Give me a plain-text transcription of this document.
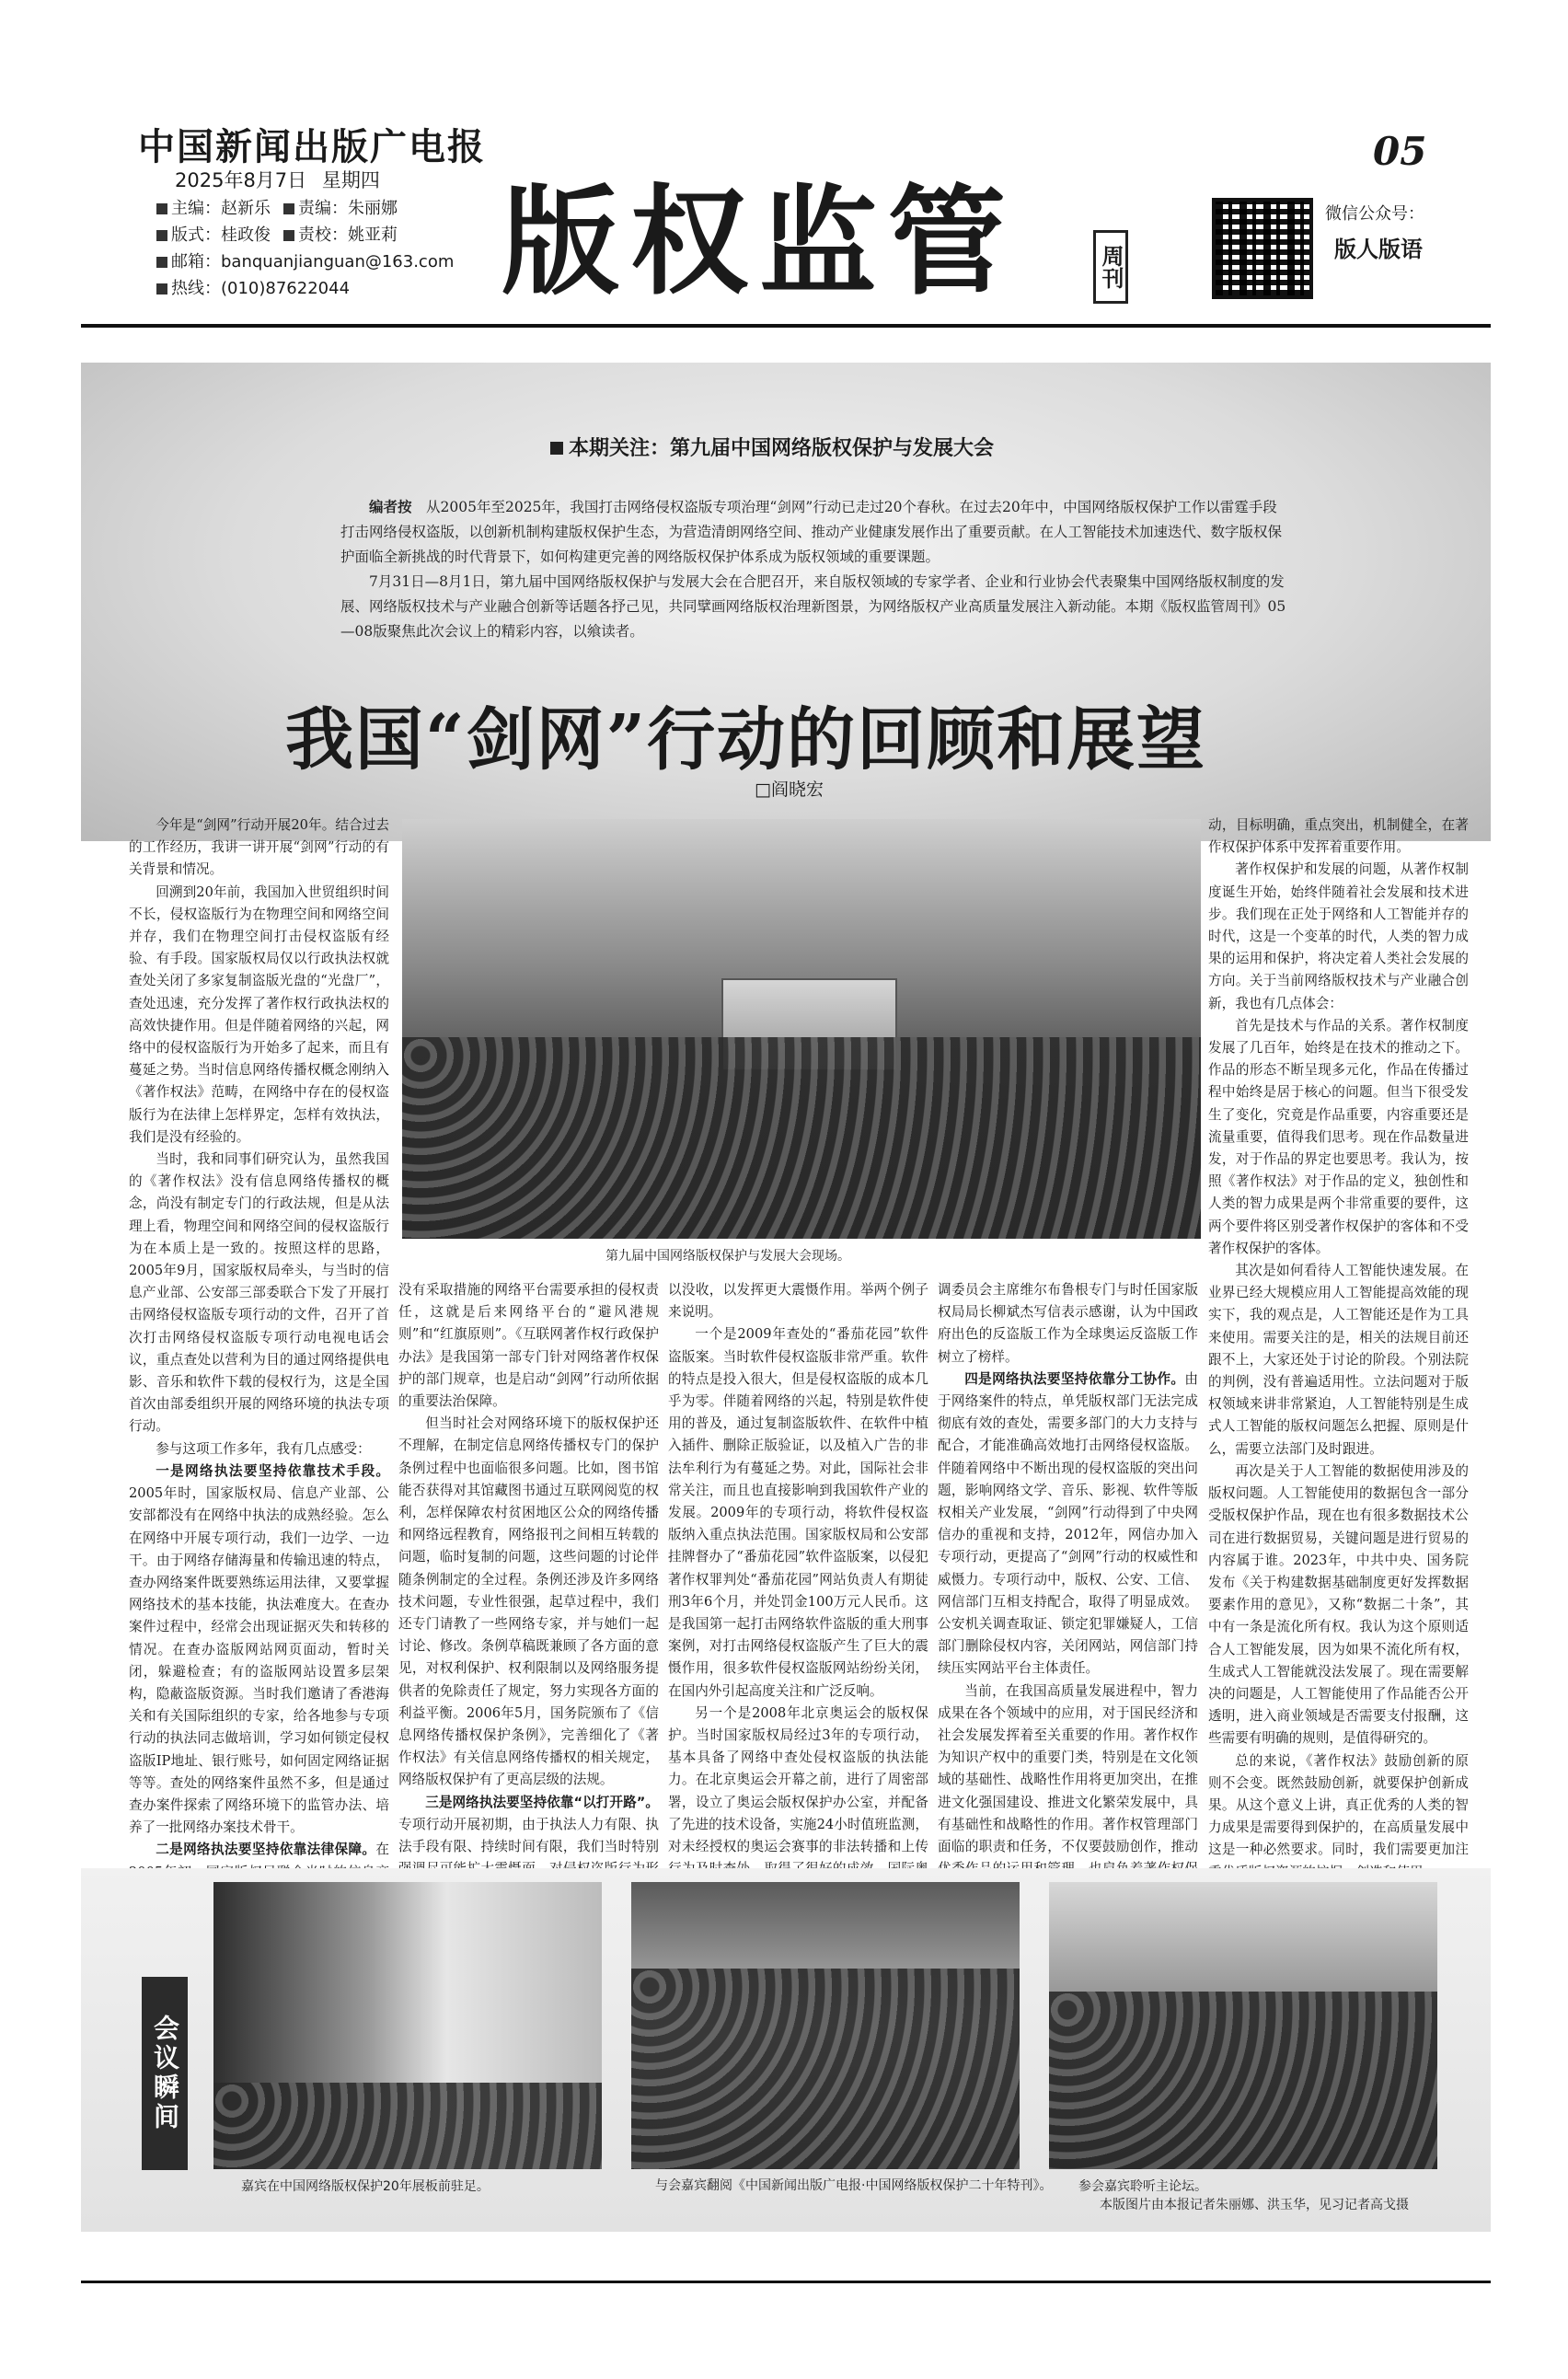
中国新闻出版广电报
2025年8月7日 星期四
主编：赵新乐 责编：朱丽娜
版式：桂政俊 责校：姚亚莉
邮箱：banquanjianguan@163.com
热线：(010)87622044	版权监管	周刊
05
微信公众号：
版人版语
本期关注：第九届中国网络版权保护与发展大会

编者按　 从2005年至2025年，我国打击网络侵权盗版专项治理“剑网”行动已走过20个春秋。在过去20年中，中国网络版权保护工作以雷霆手段打击网络侵权盗版，以创新机制构建版权保护生态，为营造清朗网络空间、推动产业健康发展作出了重要贡献。在人工智能技术加速迭代、数字版权保护面临全新挑战的时代背景下，如何构建更完善的网络版权保护体系成为版权领域的重要课题。

7月31日—8月1日，第九届中国网络版权保护与发展大会在合肥召开，来自版权领域的专家学者、企业和行业协会代表聚集中国网络版权制度的发展、网络版权技术与产业融合创新等话题各抒己见，共同擘画网络版权治理新图景，为网络版权产业高质量发展注入新动能。本期《版权监管周刊》05—08版聚焦此次会议上的精彩内容，以飨读者。

我国“剑网”行动的回顾和展望
□阎晓宏
第九届中国网络版权保护与发展大会现场。

今年是“剑网”行动开展20年。结合过去的工作经历，我讲一讲开展“剑网”行动的有关背景和情况。

回溯到20年前，我国加入世贸组织时间不长，侵权盗版行为在物理空间和网络空间并存，我们在物理空间打击侵权盗版有经验、有手段。国家版权局仅以行政执法权就查处关闭了多家复制盗版光盘的“光盘厂”，查处迅速，充分发挥了著作权行政执法权的高效快捷作用。但是伴随着网络的兴起，网络中的侵权盗版行为开始多了起来，而且有蔓延之势。当时信息网络传播权概念刚纳入《著作权法》范畴，在网络中存在的侵权盗版行为在法律上怎样界定，怎样有效执法，我们是没有经验的。

当时，我和同事们研究认为，虽然我国的《著作权法》没有信息网络传播权的概念，尚没有制定专门的行政法规，但是从法理上看，物理空间和网络空间的侵权盗版行为在本质上是一致的。按照这样的思路，2005年9月，国家版权局牵头，与当时的信息产业部、公安部三部委联合下发了开展打击网络侵权盗版专项行动的文件，召开了首次打击网络侵权盗版专项行动电视电话会议，重点查处以营利为目的通过网络提供电影、音乐和软件下载的侵权行为，这是全国首次由部委组织开展的网络环境的执法专项行动。

参与这项工作多年，我有几点感受：

一是网络执法要坚持依靠技术手段。2005年时，国家版权局、信息产业部、公安部都没有在网络中执法的成熟经验。怎么在网络中开展专项行动，我们一边学、一边干。由于网络存储海量和传输迅速的特点，查办网络案件既要熟练运用法律，又要掌握网络技术的基本技能，执法难度大。在查办案件过程中，经常会出现证据灭失和转移的情况。在查办盗版网站网页面动，暂时关闭，躲避检查；有的盗版网站设置多层架构，隐蔽盗版资源。当时我们邀请了香港海关和有关国际组织的专家，给各地参与专项行动的执法同志做培训，学习如何锁定侵权盗版IP地址、银行账号，如何固定网络证据等等。查处的网络案件虽然不多，但是通过查办案件探索了网络环境下的监管办法、培养了一批网络办案技术骨干。

二是网络执法要坚持依靠法律保障。在

没有采取措施的网络平台需要承担的侵权责任，这就是后来网络平台的“避风港规则”和“红旗原则”。《互联网著作权行政保护办法》是我国第一部专门针对网络著作权保护的部门规章，也是启动“剑网”行动所依据的重要法治保障。

但当时社会对网络环境下的版权保护还不理解，在制定信息网络传播权专门的保护条例过程中也面临很多问题。比如，图书馆能否获得对其馆藏图书通过互联网阅览的权利，怎样保障农村贫困地区公众的网络传播和网络远程教育，网络报刊之间相互转载的问题，临时复制的问题，这些问题的讨论伴随条例制定的全过程。条例还涉及许多网络技术问题，专业性很强，起草过程中，我们还专门请教了一些网络专家，并与她们一起讨论、修改。条例草稿既兼顾了各方面的意见，对权利保护、权利限制以及网络服务提供者的免除责任了规定，努力实现各方面的利益平衡。2006年5月，国务院颁布了《信息网络传播权保护条例》，完善细化了《著作权法》有关信息网络传播权的相关规定，网络版权保护有了更高层级的法规。

三是网络执法要坚持依靠“以打开路”。专项行动开展初期，由于执法人力有限、执法手段有限、持续时间有限，我们当时特别

以没收，以发挥更大震慑作用。举两个例子来说明。

一个是2009年查处的“番茄花园”软件盗版案。当时软件侵权盗版非常严重。软件的特点是投入很大，但是侵权盗版的成本几乎为零。伴随着网络的兴起，特别是软件使用的普及，通过复制盗版软件、在软件中植入插件、删除正版验证，以及植入广告的非法牟利行为有蔓延之势。对此，国际社会非常关注，而且也直接影响到我国软件产业的发展。2009年的专项行动，将软件侵权盗版纳入重点执法范围。国家版权局和公安部挂牌督办了“番茄花园”软件盗版案，以侵犯著作权罪判处“番茄花园”网站负责人有期徒刑3年6个月，并处罚金100万元人民币。这是我国第一起打击网络软件盗版的重大刑事案例，对打击网络侵权盗版产生了巨大的震慑作用，很多软件侵权盗版网站纷纷关闭，在国内外引起高度关注和广泛反响。

另一个是2008年北京奥运会的版权保护。当时国家版权局经过3年的专项行动，基本具备了网络中查处侵权盗版的执法能力。在北京奥运会开幕之前，进行了周密部署，设立了奥运会版权保护办公室，并配备了先进的技术设备，实施24小时值班监测，对未经授权的奥运会赛事的非法转播和上传

调委员会主席维尔布鲁根专门与时任国家版权局局长柳斌杰写信表示感谢，认为中国政府出色的反盗版工作为全球奥运反盗版工作树立了榜样。

四是网络执法要坚持依靠分工协作。由于网络案件的特点，单凭版权部门无法完成彻底有效的查处，需要多部门的大力支持与配合，才能准确高效地打击网络侵权盗版。伴随着网络中不断出现的侵权盗版的突出问题，影响网络文学、音乐、影视、软件等版权相关产业发展，“剑网”行动得到了中央网信办的重视和支持，2012年，网信办加入专项行动，更提高了“剑网”行动的权威性和威慑力。专项行动中，版权、公安、工信、网信部门互相支持配合，取得了明显成效。公安机关调查取证、锁定犯罪嫌疑人，工信部门删除侵权内容，关闭网站，网信部门持续压实网站平台主体责任。

当前，在我国高质量发展进程中，智力成果在各个领域中的应用，对于国民经济和社会发展发挥着至关重要的作用。著作权作为知识产权中的重要门类，特别是在文化领域的基础性、战略性作用将更加突出，在推进文化强国建设、推进文化繁荣发展中，具有基础性和战略性的作用。著作权管理部门面临的职责和任务，不仅要鼓励创作，推动

动，目标明确，重点突出，机制健全，在著作权保护体系中发挥着重要作用。

著作权保护和发展的问题，从著作权制度诞生开始，始终伴随着社会发展和技术进步。我们现在正处于网络和人工智能并存的时代，这是一个变革的时代，人类的智力成果的运用和保护，将决定着人类社会发展的方向。关于当前网络版权技术与产业融合创新，我也有几点体会：

首先是技术与作品的关系。著作权制度发展了几百年，始终是在技术的推动之下。作品的形态不断呈现多元化，作品在传播过程中始终是居于核心的问题。但当下很受发生了变化，究竟是作品重要，内容重要还是流量重要，值得我们思考。现在作品数量进发，对于作品的界定也要思考。我认为，按照《著作权法》对于作品的定义，独创性和人类的智力成果是两个非常重要的要件，这两个要件将区别受著作权保护的客体和不受著作权保护的客体。

其次是如何看待人工智能快速发展。在业界已经大规模应用人工智能提高效能的现实下，我的观点是，人工智能还是作为工具来使用。需要关注的是，相关的法规目前还跟不上，大家还处于讨论的阶段。个别法院的判例，没有普遍适用性。立法问题对于版权领域来讲非常紧迫，人工智能特别是生成式人工智能的版权问题怎么把握、原则是什么，需要立法部门及时跟进。

再次是关于人工智能的数据使用涉及的版权问题。人工智能使用的数据包含一部分受版权保护作品，现在也有很多数据技术公司在进行数据贸易，关键问题是进行贸易的内容属于谁。2023年，中共中央、国务院发布《关于构建数据基础制度更好发挥数据要素作用的意见》，又称“数据二十条”，其中有一条是流化所有权。我认为这个原则适合人工智能发展，因为如果不流化所有权，生成式人工智能就没法发展了。现在需要解决的问题是，人工智能使用了作品能否公开透明，进入商业领域是否需要支付报酬，这些需要有明确的规则，是值得研究的。

总的来说，《著作权法》鼓励创新的原则不会变。既然鼓励创新，就要保护创新成果。从这个意义上讲，真正优秀的人类的智力成果是需要得到保护的，在高质量发展中这是一种必然要求。同时，我们需要更加注

会议瞬间
嘉宾在中国网络版权保护20年展板前驻足。	与会嘉宾翻阅《中国新闻出版广电报·中国网络版权保护二十年特刊》。	参会嘉宾聆听主论坛。
本版图片由本报记者朱丽娜、洪玉华，见习记者高戈摄
